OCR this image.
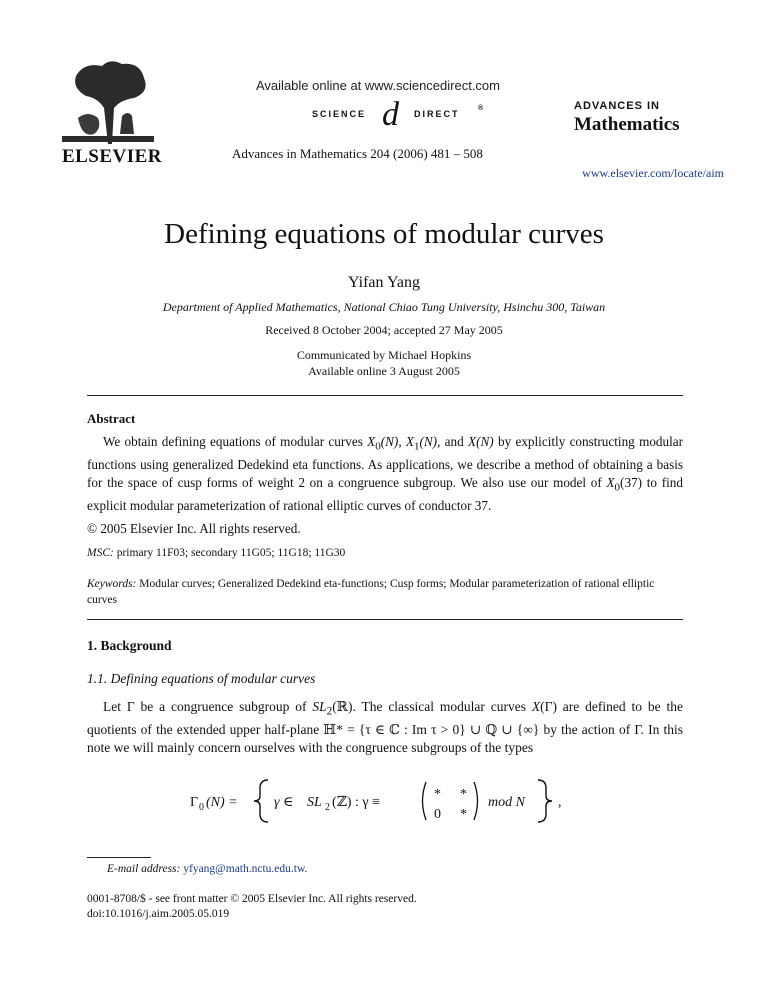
ELSEVIER
Available online at www.sciencedirect.com
SCIENCE d DIRECT
®
Advances in Mathematics 204 (2006) 481 – 508
ADVANCES IN
Mathematics
www.elsevier.com/locate/aim
Defining equations of modular curves
Yifan Yang
Department of Applied Mathematics, National Chiao Tung University, Hsinchu 300, Taiwan
Received 8 October 2004; accepted 27 May 2005
Communicated by Michael Hopkins
Available online 3 August 2005
Abstract
We obtain defining equations of modular curves $X_0(N)$, $X_1(N)$, and X(N) by explicitly constructing modular functions using generalized Dedekind eta functions. As applications, we describe a method of obtaining a basis for the space of cusp forms of weight 2 on a congruence subgroup. We also use our model of $X_0(37)$ to find explicit modular parameterization of rational elliptic curves of conductor 37.
© 2005 Elsevier Inc. All rights reserved.
MSC: primary 11F03; secondary 11G05; 11G18; 11G30
Keywords: Modular curves; Generalized Dedekind eta-functions; Cusp forms; Modular parameterization of rational elliptic curves
1. Background
1.1. Defining equations of modular curves
Let Γ be a congruence subgroup of $SL_2(ℝ)$. The classical modular curves X(Γ) are defined to be the quotients of the extended upper half-plane ℍ* = {τ ∈ ℂ : Im τ > 0} ∪ ℚ ∪ {∞} by the action of Γ. In this note we will mainly concern ourselves with the congruence subgroups of the types
Γ 0 (N) =	γ ∈ SL 2 (ℤ) : γ ≡
* *
0 *
mod N ,
E-mail address: yfyang@math.nctu.edu.tw.
0001-8708/$ - see front matter © 2005 Elsevier Inc. All rights reserved.
doi:10.1016/j.aim.2005.05.019
